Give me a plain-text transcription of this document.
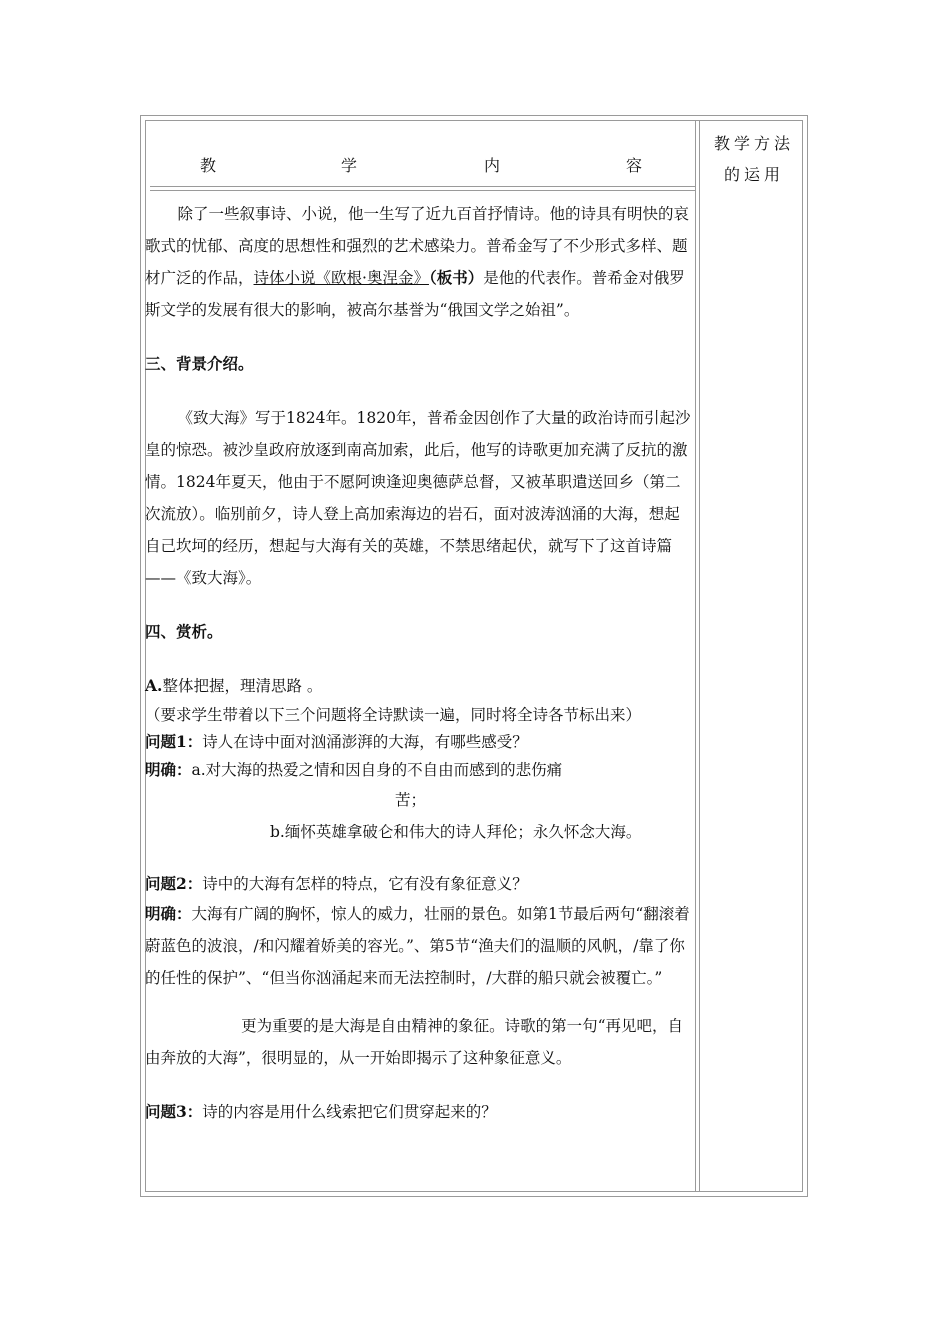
教	学	内	容
教学方法
的运用

除了一些叙事诗、小说，他一生写了近九百首抒情诗。他的诗具有明快的哀歌式的忧郁、高度的思想性和强烈的艺术感染力。普希金写了不少形式多样、题材广泛的作品，诗体小说《欧根·奥涅金》（板书）是他的代表作。普希金对俄罗斯文学的发展有很大的影响，被高尔基誉为“俄国文学之始祖”。

三、背景介绍。

《致大海》写于1824年。1820年，普希金因创作了大量的政治诗而引起沙皇的惊恐。被沙皇政府放逐到南高加索，此后，他写的诗歌更加充满了反抗的激情。1824年夏天，他由于不愿阿谀逢迎奥德萨总督，又被革职遣送回乡（第二次流放）。临别前夕，诗人登上高加索海边的岩石，面对波涛汹涌的大海，想起自己坎坷的经历，想起与大海有关的英雄，不禁思绪起伏，就写下了这首诗篇——《致大海》。

四、赏析。

A.整体把握，理清思路 。

（要求学生带着以下三个问题将全诗默读一遍，同时将全诗各节标出来）

问题1：诗人在诗中面对汹涌澎湃的大海，有哪些感受？

明确：a.对大海的热爱之情和因自身的不自由而感到的悲伤痛

苦；

b.缅怀英雄拿破仑和伟大的诗人拜伦；永久怀念大海。

问题2：诗中的大海有怎样的特点，它有没有象征意义？

明确：大海有广阔的胸怀，惊人的威力，壮丽的景色。如第1节最后两句“翻滚着蔚蓝色的波浪，/和闪耀着娇美的容光。”、第5节“渔夫们的温顺的风帆，/靠了你的任性的保护”、“但当你汹涌起来而无法控制时，/大群的船只就会被覆亡。”

更为重要的是大海是自由精神的象征。诗歌的第一句“再见吧，自由奔放的大海”，很明显的，从一开始即揭示了这种象征意义。

问题3：诗的内容是用什么线索把它们贯穿起来的？
